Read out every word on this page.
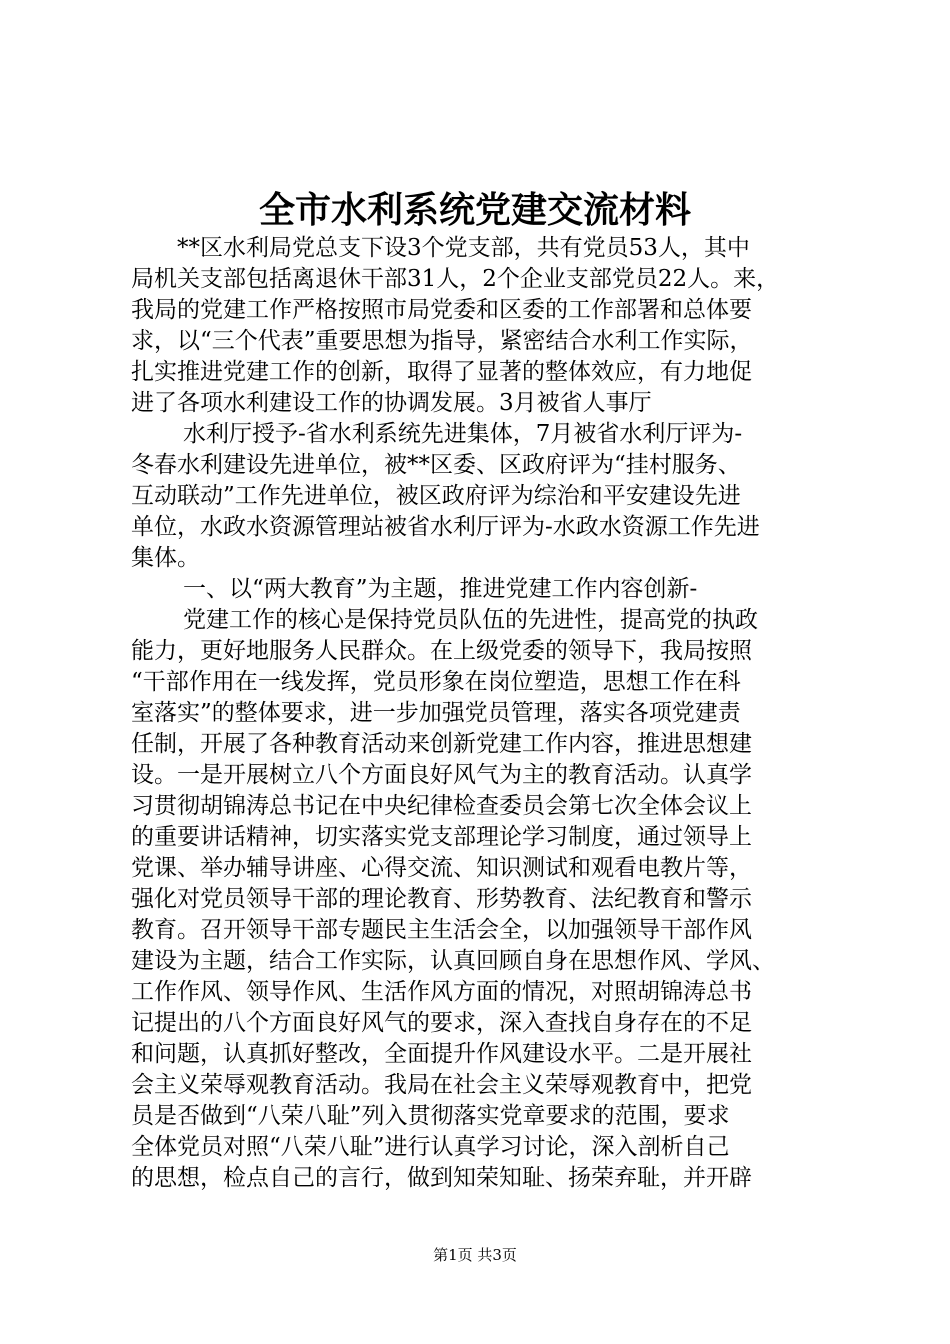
全市水利系统党建交流材料
**区水利局党总支下设3个党支部，共有党员53人，其中
局机关支部包括离退休干部31人，2个企业支部党员22人。来，
我局的党建工作严格按照市局党委和区委的工作部署和总体要
求，以“三个代表”重要思想为指导，紧密结合水利工作实际，
扎实推进党建工作的创新，取得了显著的整体效应，有力地促
进了各项水利建设工作的协调发展。3月被省人事厅
水利厅授予-省水利系统先进集体，7月被省水利厅评为-
冬春水利建设先进单位，被**区委、区政府评为“挂村服务、
互动联动”工作先进单位，被区政府评为综治和平安建设先进
单位，水政水资源管理站被省水利厅评为-水政水资源工作先进
集体。
一、以“两大教育”为主题，推进党建工作内容创新-
党建工作的核心是保持党员队伍的先进性，提高党的执政
能力，更好地服务人民群众。在上级党委的领导下，我局按照
“干部作用在一线发挥，党员形象在岗位塑造，思想工作在科
室落实”的整体要求，进一步加强党员管理，落实各项党建责
任制，开展了各种教育活动来创新党建工作内容，推进思想建
设。一是开展树立八个方面良好风气为主的教育活动。认真学
习贯彻胡锦涛总书记在中央纪律检查委员会第七次全体会议上
的重要讲话精神，切实落实党支部理论学习制度，通过领导上
党课、举办辅导讲座、心得交流、知识测试和观看电教片等，
强化对党员领导干部的理论教育、形势教育、法纪教育和警示
教育。召开领导干部专题民主生活会全，以加强领导干部作风
建设为主题，结合工作实际，认真回顾自身在思想作风、学风、
工作作风、领导作风、生活作风方面的情况，对照胡锦涛总书
记提出的八个方面良好风气的要求，深入查找自身存在的不足
和问题，认真抓好整改，全面提升作风建设水平。二是开展社
会主义荣辱观教育活动。我局在社会主义荣辱观教育中，把党
员是否做到“八荣八耻”列入贯彻落实党章要求的范围，要求
全体党员对照“八荣八耻”进行认真学习讨论，深入剖析自己
的思想，检点自己的言行，做到知荣知耻、扬荣弃耻，并开辟
第1页 共3页
